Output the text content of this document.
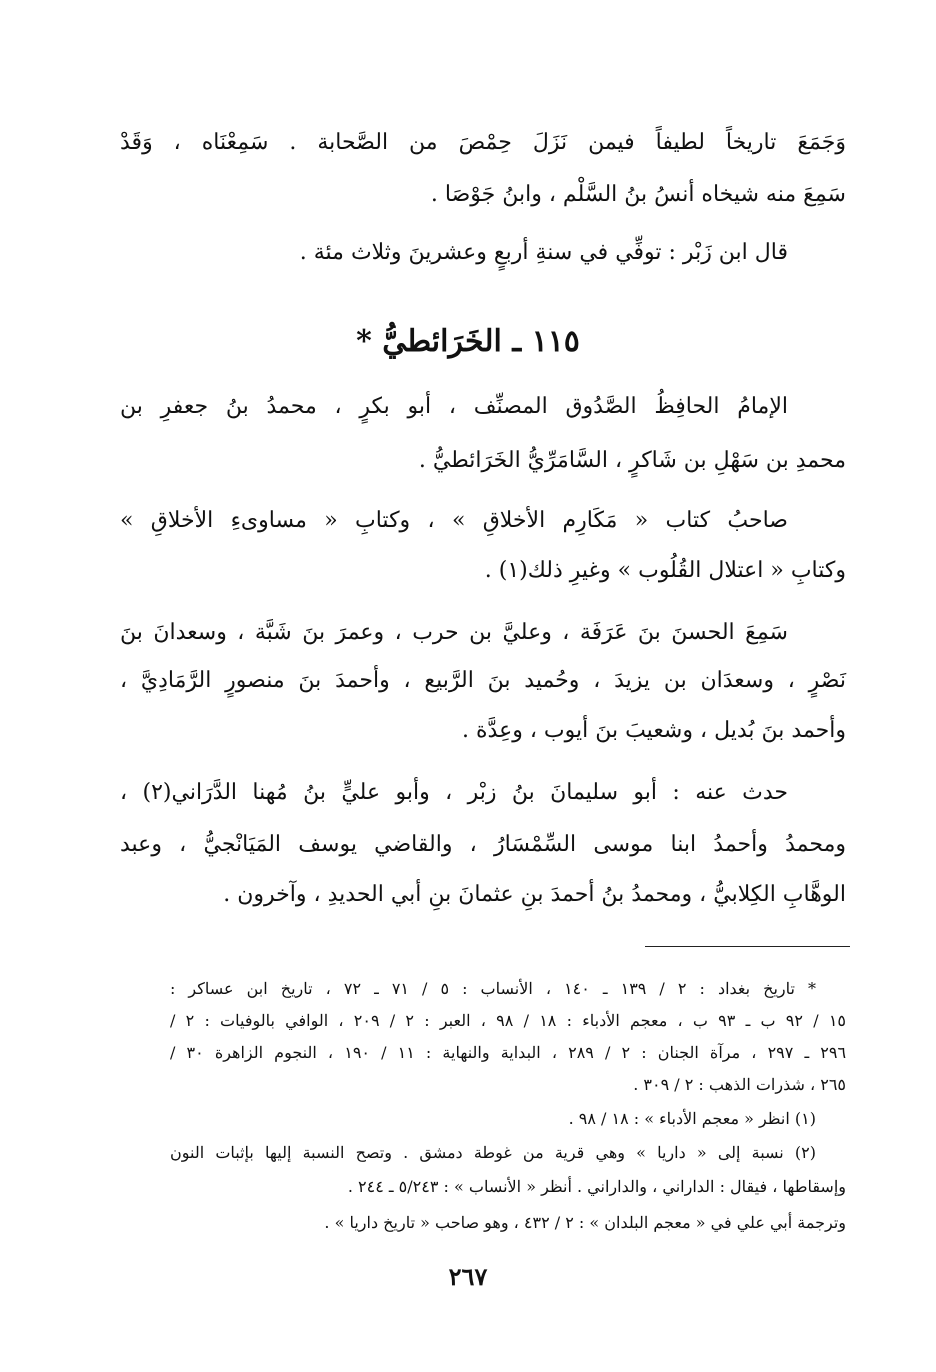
وَجَمَعَ تاريخاً لطيفاً فيمن نَزَلَ حِمْصَ من الصَّحابة . سَمِعْنَاه ، وَقَدْ
سَمِعَ منه شيخاه أنسُ بنُ السَّلْم ، وابنُ جَوْصَا .
قال ابن زَبْر : توفِّي في سنةِ أربعٍ وعشرينَ وثلاث مئة .
١١٥ ـ الخَرَائطيُّ *
الإمامُ الحافِظُ الصَّدُوق المصنِّف ، أبو بكرٍ ، محمدُ بنُ جعفرِ بن
محمدِ بن سَهْلِ بن شَاكرٍ ، السَّامَرِّيُّ الخَرَائطيُّ .
صاحبُ كتاب « مَكَارِم الأخلاقِ » ، وكتابِ « مساوىءِ الأخلاقِ »
وكتابِ « اعتلال القُلُوب » وغيرِ ذلك(١) .
سَمِعَ الحسنَ بنَ عَرَفَة ، وعليَّ بن حرب ، وعمرَ بنَ شَبَّة ، وسعدانَ بنَ
نَصْرٍ ، وسعدَان بن يزيدَ ، وحُميد بنَ الرَّبيع ، وأحمدَ بنَ منصورٍ الرَّمَادِيَّ ،
وأحمد بنَ بُديل ، وشعيبَ بنَ أيوب ، وعِدَّة .
حدث عنه : أبو سليمانَ بنُ زبْر ، وأبو عليٍّ بنُ مُهنا الدَّرَاني(٢) ،
ومحمدُ وأحمدُ ابنا موسى السِّمْسَارُ ، والقاضي يوسف المَيَانْجيُّ ، وعبد
الوهَّابِ الكِلابيُّ ، ومحمدُ بنُ أحمدَ بنِ عثمانَ بنِ أبي الحديدِ ، وآخرون .
* تاريخ بغداد : ٢ / ١٣٩ ـ ١٤٠ ، الأنساب : ٥ / ٧١ ـ ٧٢ ، تاريخ ابن عساكر :
١٥ / ٩٢ ب ـ ٩٣ ب ، معجم الأدباء : ١٨ / ٩٨ ، العبر : ٢ / ٢٠٩ ، الوافي بالوفيات : ٢ /
٢٩٦ ـ ٢٩٧ ، مرآة الجنان : ٢ / ٢٨٩ ، البداية والنهاية : ١١ / ١٩٠ ، النجوم الزاهرة ٣٠ /
٢٦٥ ، شذرات الذهب : ٢ / ٣٠٩ .
(١) انظر « معجم الأدباء » : ١٨ / ٩٨ .
(٢) نسبة إلى « داريا » وهي قرية من غوطة دمشق . وتصح النسبة إليها بإثبات النون
وإسقاطها ، فيقال : الداراني ، والداراني . أنظر « الأنساب » : ٥/٢٤٣ ـ ٢٤٤ .
وترجمة أبي علي في « معجم البلدان » : ٢ / ٤٣٢ ، وهو صاحب « تاريخ داريا » .
٢٦٧
